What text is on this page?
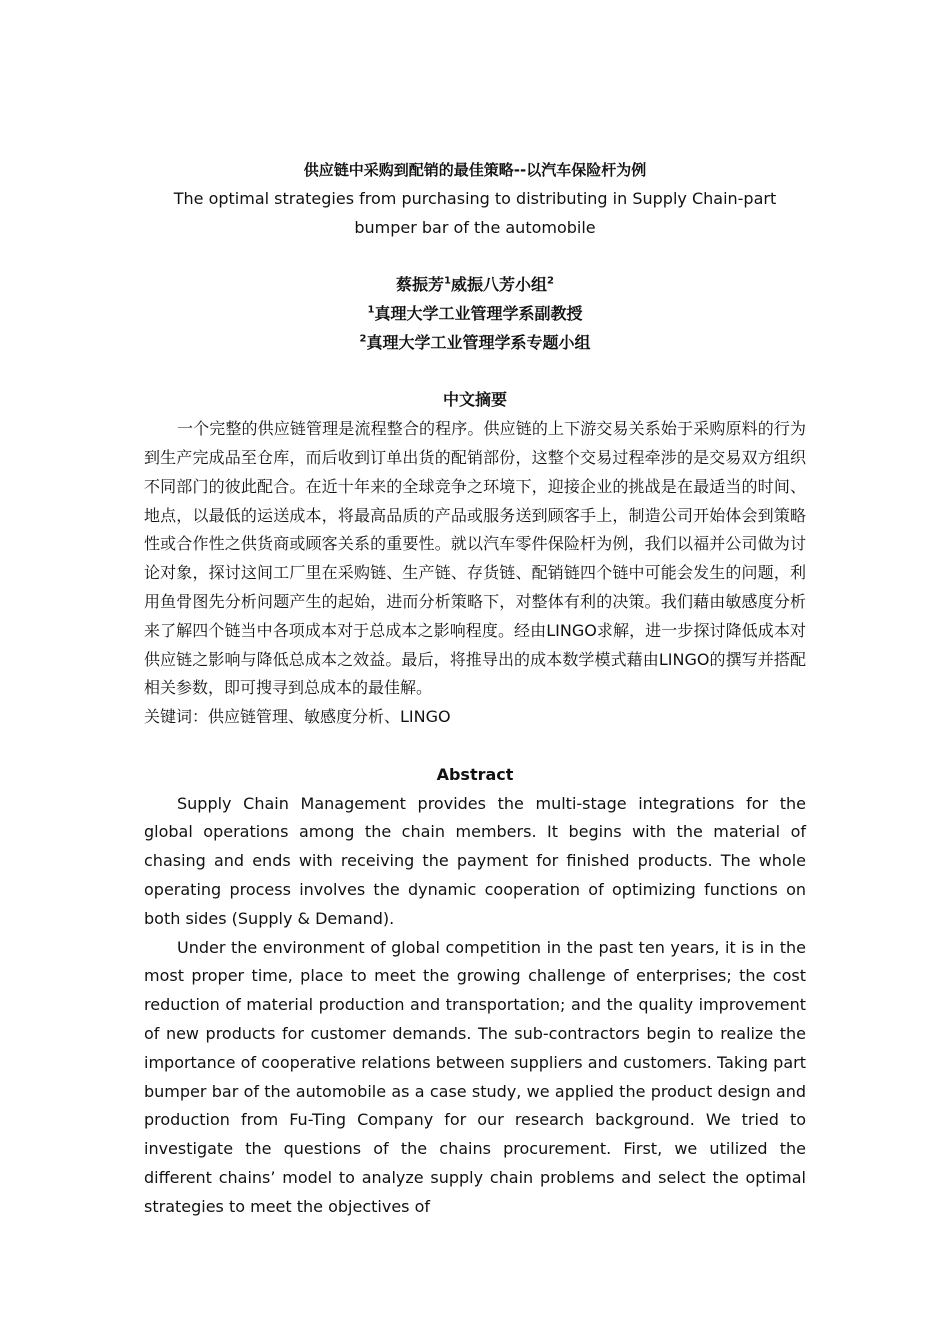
供应链中采购到配销的最佳策略--以汽车保险杆为例
The optimal strategies from purchasing to distributing in Supply Chain-part
bumper bar of the automobile
蔡振芳$^1$威振八芳小组$^2$
$^1$真理大学工业管理学系副教授
$^2$真理大学工业管理学系专题小组
中文摘要

一个完整的供应链管理是流程整合的程序。供应链的上下游交易关系始于采购原料的行为到生产完成品至仓库，而后收到订单出货的配销部份，这整个交易过程牵涉的是交易双方组织不同部门的彼此配合。在近十年来的全球竞争之环境下，迎接企业的挑战是在最适当的时间、地点，以最低的运送成本，将最高品质的产品或服务送到顾客手上，制造公司开始体会到策略性或合作性之供货商或顾客关系的重要性。就以汽车零件保险杆为例，我们以福并公司做为讨论对象，探讨这间工厂里在采购链、生产链、存货链、配销链四个链中可能会发生的问题，利用鱼骨图先分析问题产生的起始，进而分析策略下，对整体有利的决策。我们藉由敏感度分析来了解四个链当中各项成本对于总成本之影响程度。经由LINGO求解，进一步探讨降低成本对供应链之影响与降低总成本之效益。最后，将推导出的成本数学模式藉由LINGO的撰写并搭配相关参数，即可搜寻到总成本的最佳解。

关键词：供应链管理、敏感度分析、LINGO

Abstract

Supply Chain Management provides the multi-stage integrations for the global operations among the chain members. It begins with the material of chasing and ends with receiving the payment for finished products. The whole operating process involves the dynamic cooperation of optimizing functions on both sides (Supply & Demand).

Under the environment of global competition in the past ten years, it is in the most proper time, place to meet the growing challenge of enterprises; the cost reduction of material production and transportation; and the quality improvement of new products for customer demands. The sub-contractors begin to realize the importance of cooperative relations between suppliers and customers. Taking part bumper bar of the automobile as a case study, we applied the product design and production from Fu-Ting Company for our research background. We tried to investigate the questions of the chains procurement. First, we utilized the different chains’ model to analyze supply chain problems and select the optimal strategies to meet the objectives of
